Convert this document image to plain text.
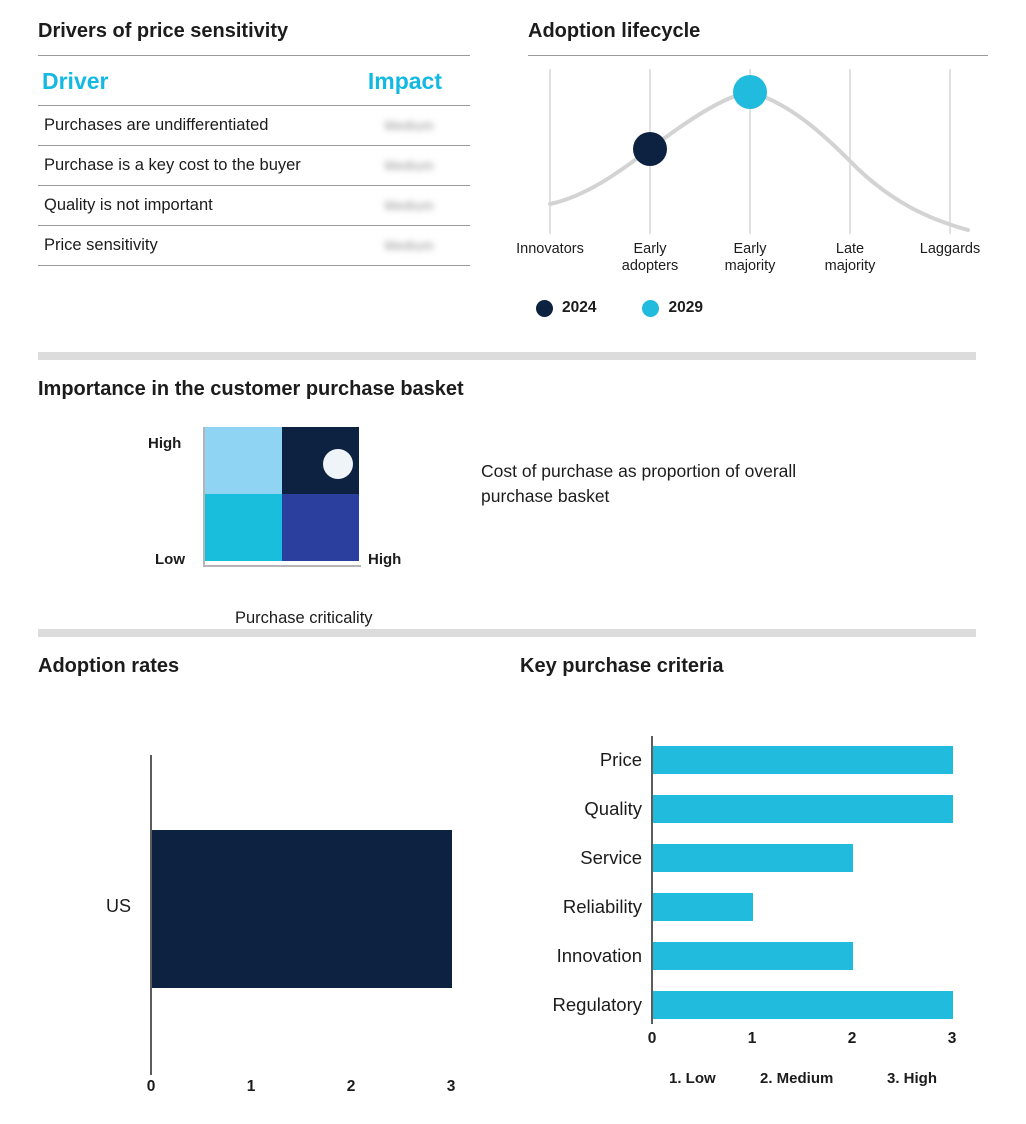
Drivers of price sensitivity
Driver	Impact
Purchases are undifferentiated	Medium
Purchase is a key cost to the buyer	Medium
Quality is not important	Medium
Price sensitivity	Medium
Adoption lifecycle
Innovators	Early
adopters
Early
majority
Late
majority
Laggards
2024	2029
Importance in the customer purchase basket
High
Low	High
Purchase criticality
Cost of purchase as proportion of overall purchase basket
Adoption rates
US
0	1	2	3
Key purchase criteria
Price
Quality
Service
Reliability
Innovation
Regulatory
0	1	2	3
1. Low	2. Medium	3. High
